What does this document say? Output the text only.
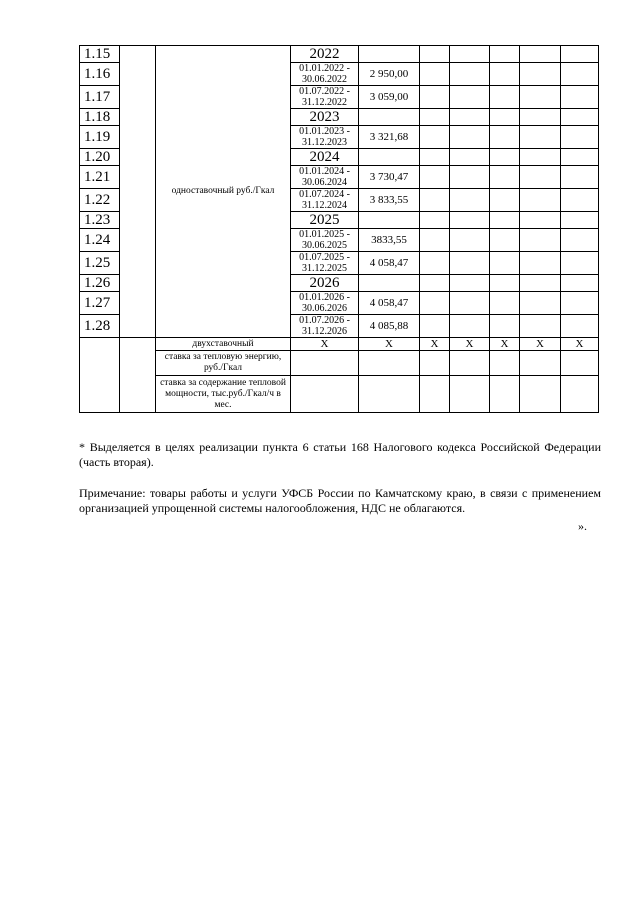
1.15		одноставочный руб./Гкал	2022						
1.16			01.01.2022 - 30.06.2022	2 950,00					
1.17			01.07.2022 - 31.12.2022	3 059,00					
1.18			2023						
1.19			01.01.2023 - 31.12.2023	3 321,68					
1.20			2024						
1.21			01.01.2024 - 30.06.2024	3 730,47					
1.22			01.07.2024 - 31.12.2024	3 833,55					
1.23			2025						
1.24			01.01.2025 - 30.06.2025	3833,55					
1.25			01.07.2025 - 31.12.2025	4 058,47					
1.26			2026						
1.27			01.01.2026 - 30.06.2026	4 058,47					
1.28			01.07.2026 - 31.12.2026	4 085,88					
		двухставочный	X	X	X	X	X	X	X
		ставка за тепловую энергию, руб./Гкал							
		ставка за содержание тепловой мощности, тыс.руб./Гкал/ч в мес.							

* Выделяется в целях реализации пункта 6 статьи 168 Налогового кодекса Российской Федерации (часть вторая).

Примечание: товары работы и услуги УФСБ России по Камчатскому краю, в связи с применением организацией упрощенной системы налогообложения, НДС не облагаются.

».
